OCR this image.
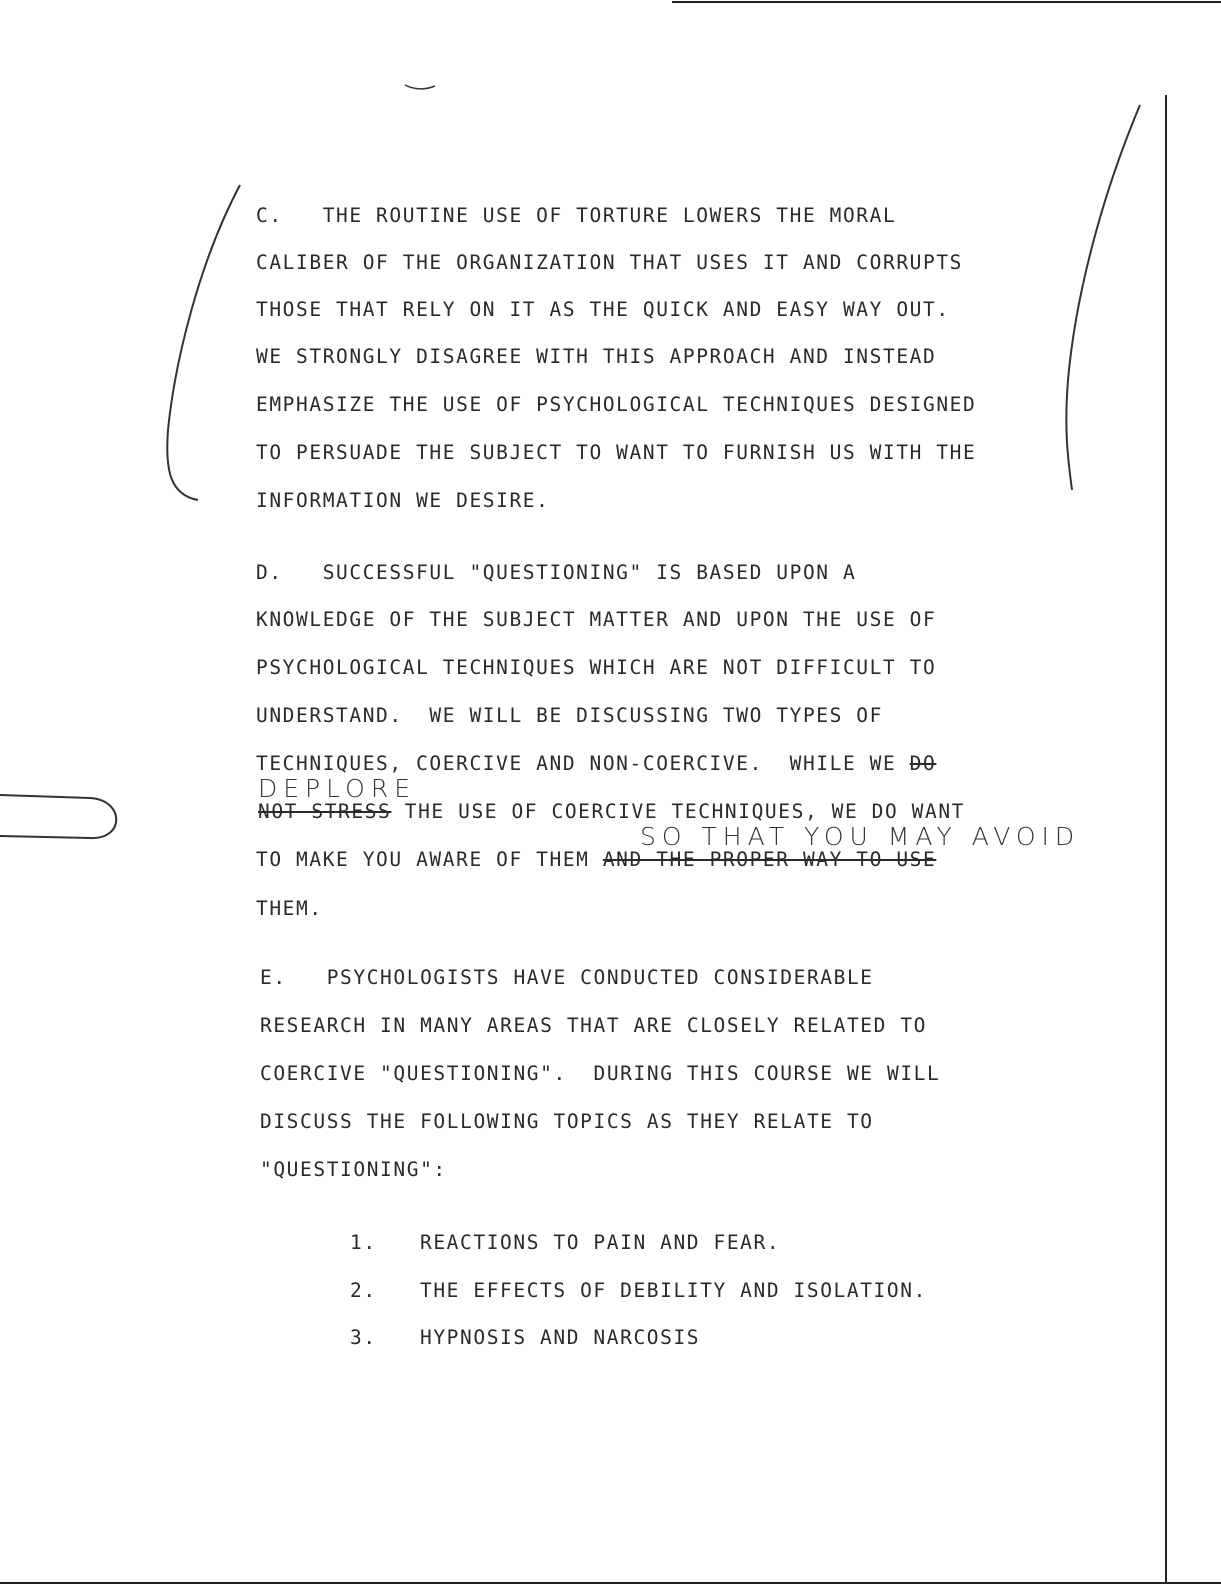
C.   THE ROUTINE USE OF TORTURE LOWERS THE MORAL
CALIBER OF THE ORGANIZATION THAT USES IT AND CORRUPTS
THOSE THAT RELY ON IT AS THE QUICK AND EASY WAY OUT.
WE STRONGLY DISAGREE WITH THIS APPROACH AND INSTEAD
EMPHASIZE THE USE OF PSYCHOLOGICAL TECHNIQUES DESIGNED
TO PERSUADE THE SUBJECT TO WANT TO FURNISH US WITH THE
INFORMATION WE DESIRE.
D.   SUCCESSFUL "QUESTIONING" IS BASED UPON A
KNOWLEDGE OF THE SUBJECT MATTER AND UPON THE USE OF
PSYCHOLOGICAL TECHNIQUES WHICH ARE NOT DIFFICULT TO
UNDERSTAND.  WE WILL BE DISCUSSING TWO TYPES OF
TECHNIQUES, COERCIVE AND NON-COERCIVE.  WHILE WE DO
DEPLORE
NOT STRESS THE USE OF COERCIVE TECHNIQUES, WE DO WANT
SO THAT YOU MAY AVOID
TO MAKE YOU AWARE OF THEM AND THE PROPER WAY TO USE
THEM.
E.   PSYCHOLOGISTS HAVE CONDUCTED CONSIDERABLE
RESEARCH IN MANY AREAS THAT ARE CLOSELY RELATED TO
COERCIVE "QUESTIONING".  DURING THIS COURSE WE WILL
DISCUSS THE FOLLOWING TOPICS AS THEY RELATE TO
"QUESTIONING":
1. REACTIONS TO PAIN AND FEAR.
2. THE EFFECTS OF DEBILITY AND ISOLATION.
3. HYPNOSIS AND NARCOSIS
